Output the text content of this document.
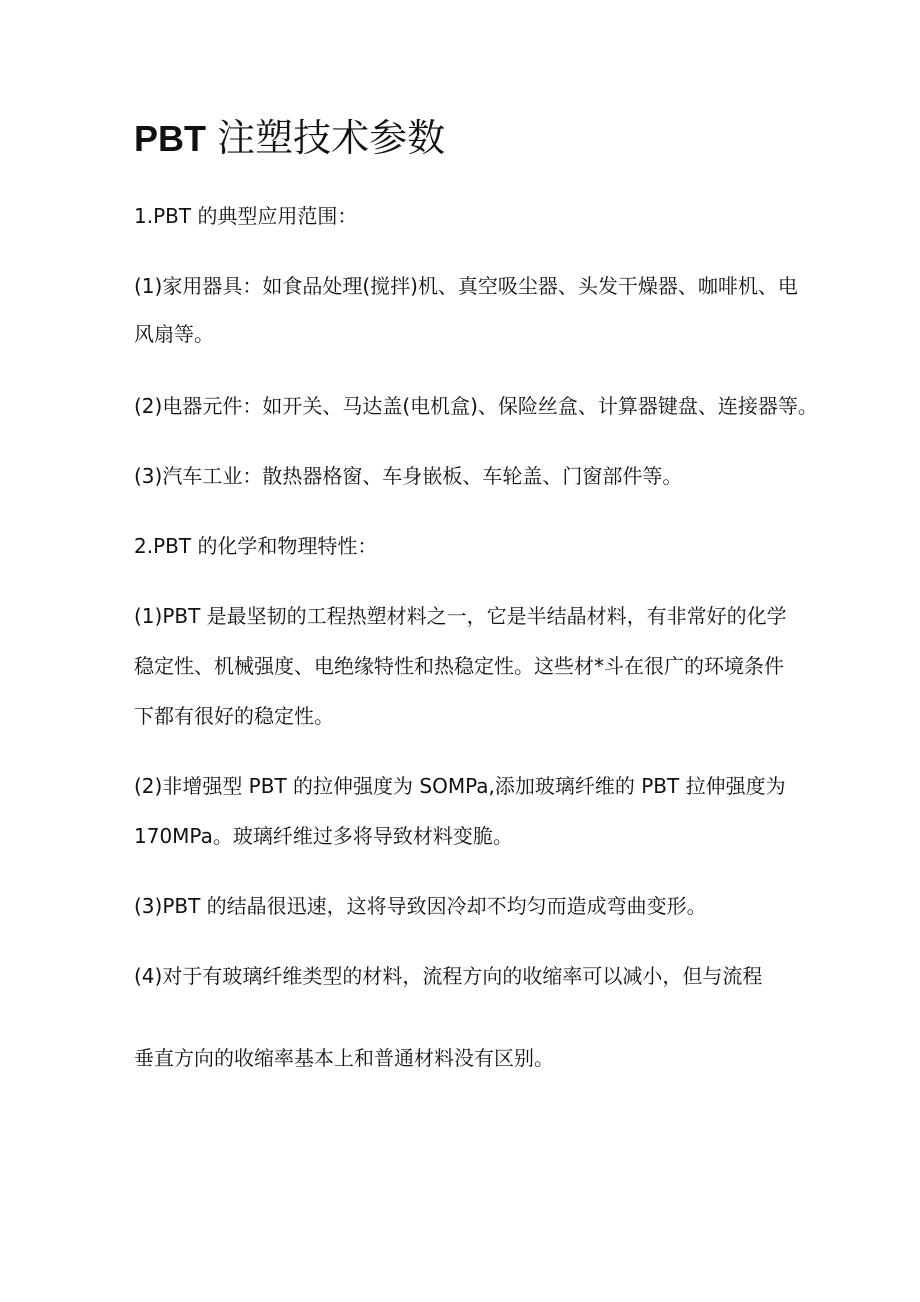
PBT 注塑技术参数

1.PBT 的典型应用范围：

(1)家用器具：如食品处理(搅拌)机、真空吸尘器、头发干燥器、咖啡机、电

风扇等。

(2)电器元件：如开关、马达盖(电机盒)、保险丝盒、计算器键盘、连接器等。

(3)汽车工业：散热器格窗、车身嵌板、车轮盖、门窗部件等。

2.PBT 的化学和物理特性：

(1)PBT 是最坚韧的工程热塑材料之一，它是半结晶材料，有非常好的化学

稳定性、机械强度、电绝缘特性和热稳定性。这些材*斗在很广的环境条件

下都有很好的稳定性。

(2)非增强型 PBT 的拉伸强度为 SOMPa,添加玻璃纤维的 PBT 拉伸强度为

170MPa。玻璃纤维过多将导致材料变脆。

(3)PBT 的结晶很迅速，这将导致因冷却不均匀而造成弯曲变形。

(4)对于有玻璃纤维类型的材料，流程方向的收缩率可以减小，但与流程

垂直方向的收缩率基本上和普通材料没有区别。
